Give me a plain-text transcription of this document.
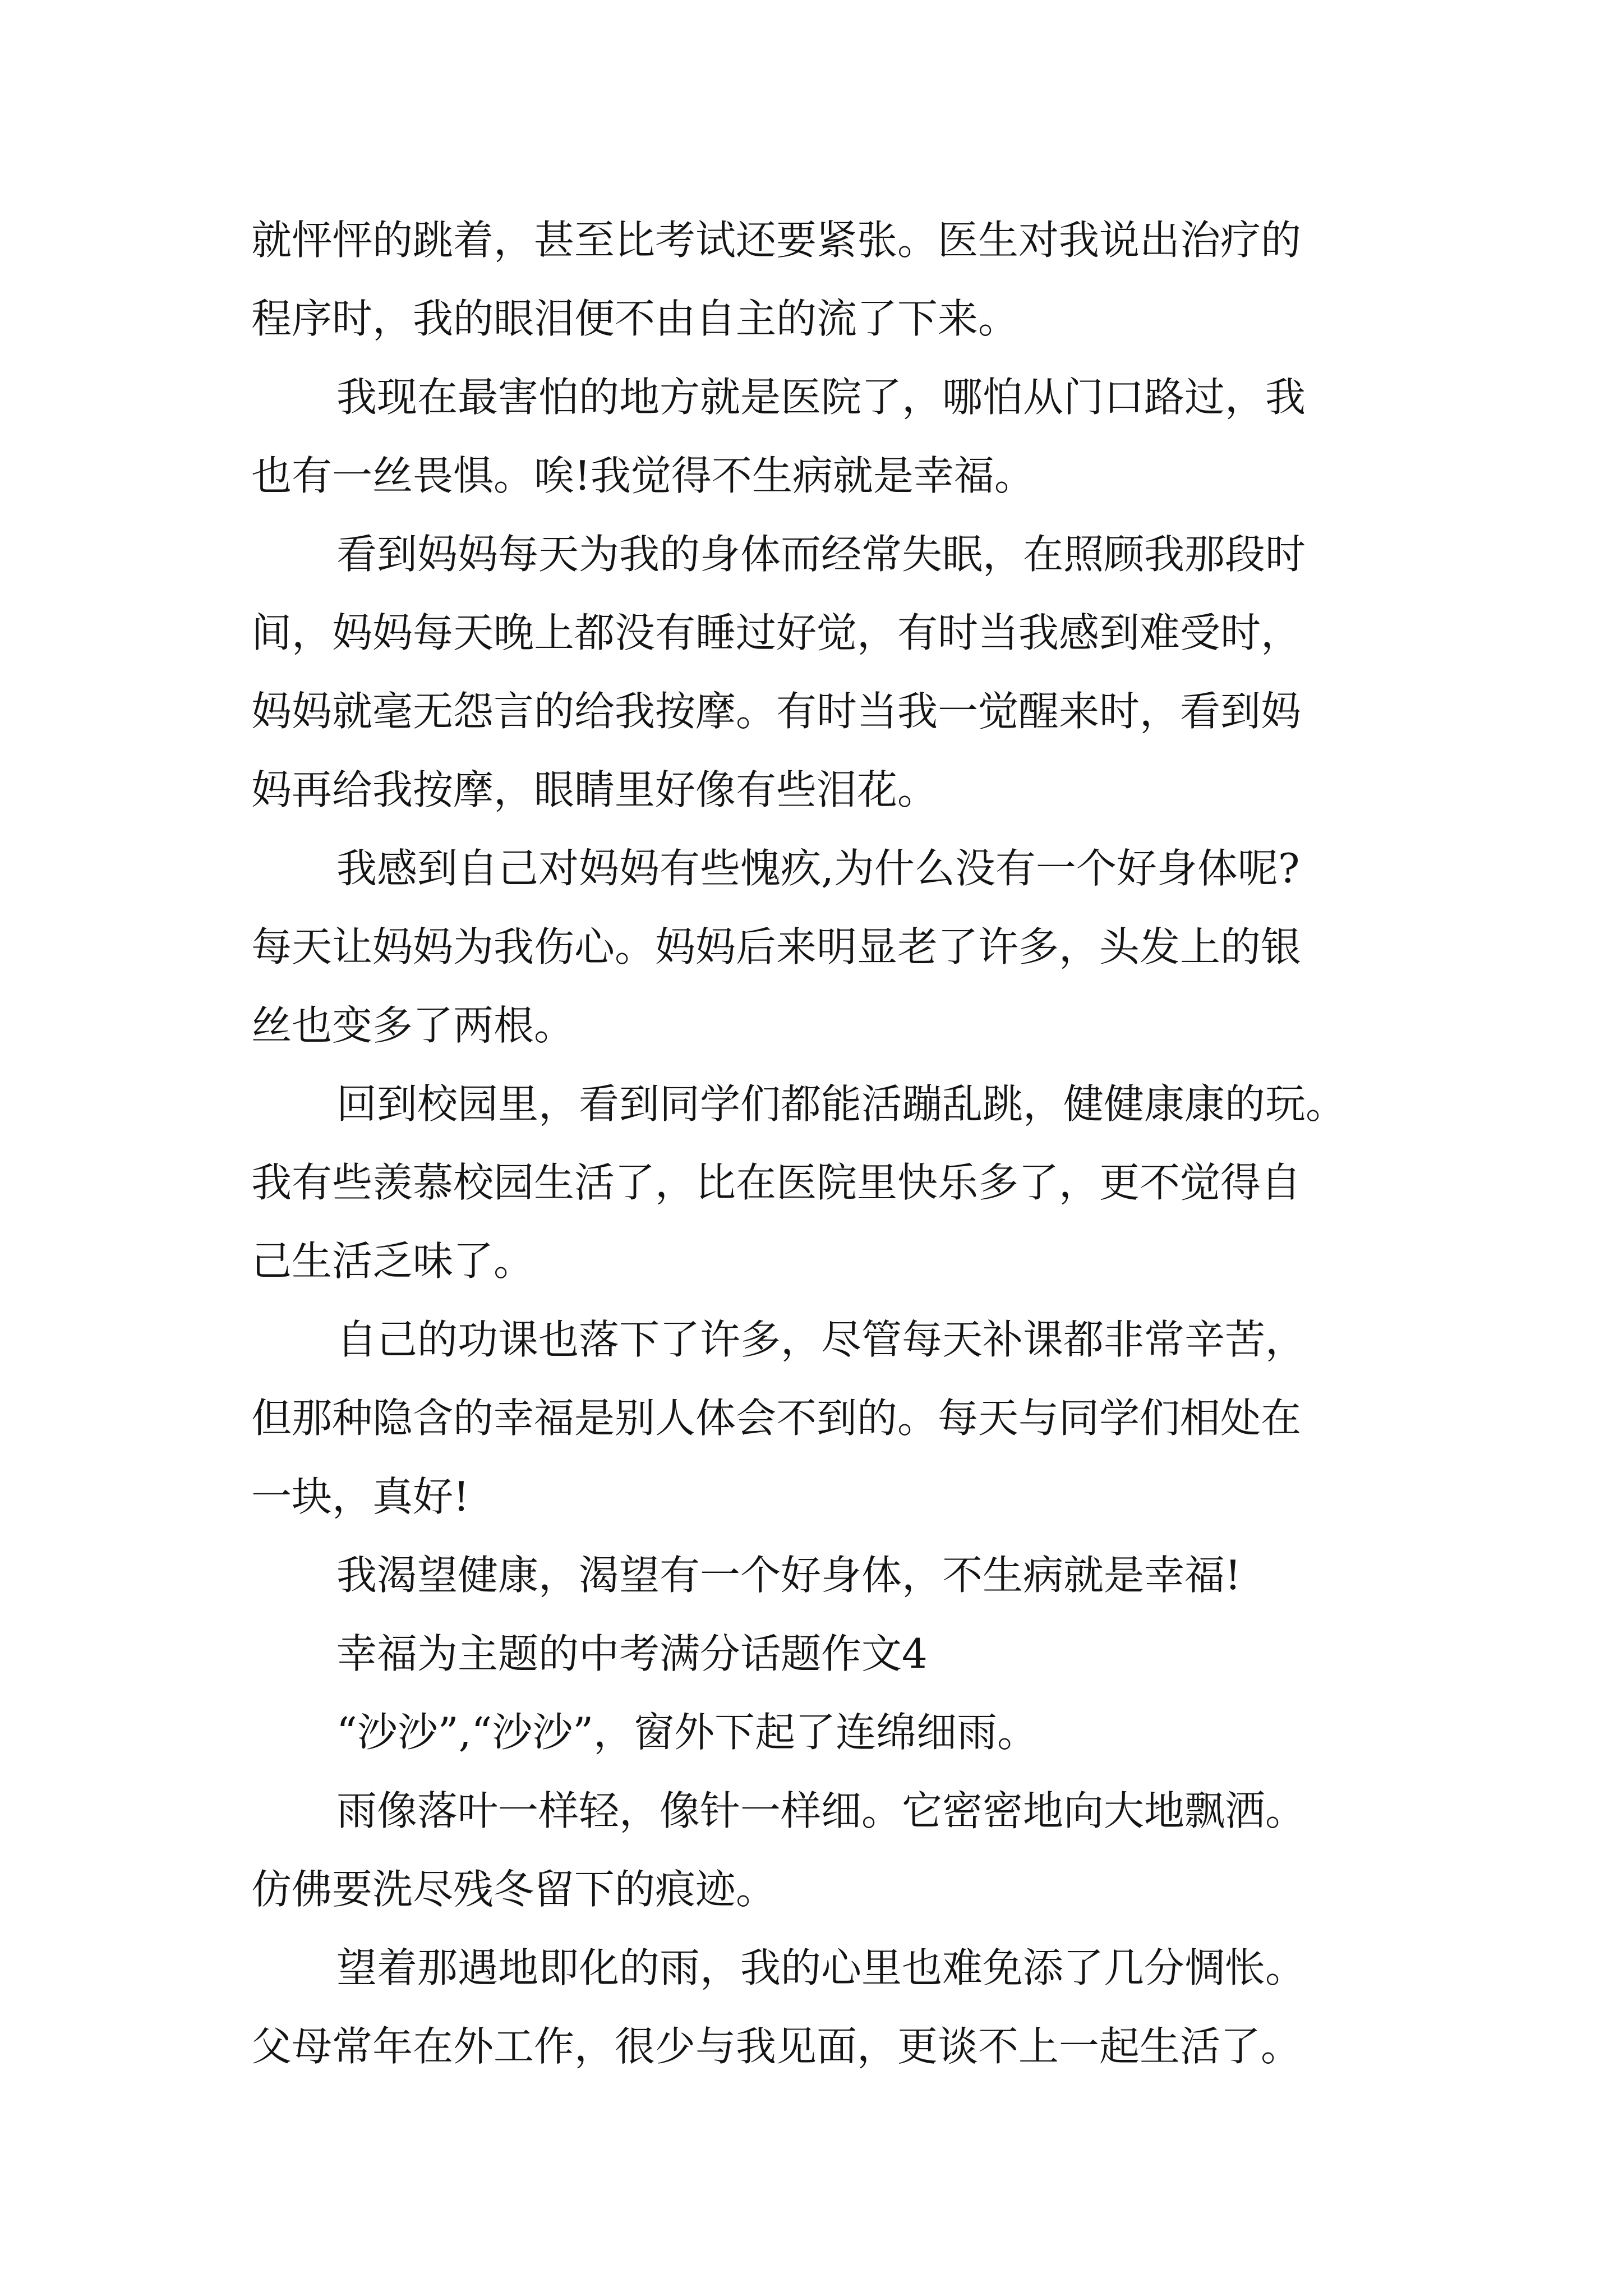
就怦怦的跳着，甚至比考试还要紧张。医生对我说出治疗的

程序时，我的眼泪便不由自主的流了下来。

我现在最害怕的地方就是医院了，哪怕从门口路过，我

也有一丝畏惧。唉!我觉得不生病就是幸福。

看到妈妈每天为我的身体而经常失眠，在照顾我那段时

间，妈妈每天晚上都没有睡过好觉，有时当我感到难受时，

妈妈就毫无怨言的给我按摩。有时当我一觉醒来时，看到妈

妈再给我按摩，眼睛里好像有些泪花。

我感到自己对妈妈有些愧疚,为什么没有一个好身体呢?

每天让妈妈为我伤心。妈妈后来明显老了许多，头发上的银

丝也变多了两根。

回到校园里，看到同学们都能活蹦乱跳，健健康康的玩。

我有些羡慕校园生活了，比在医院里快乐多了，更不觉得自

己生活乏味了。

自己的功课也落下了许多，尽管每天补课都非常辛苦，

但那种隐含的幸福是别人体会不到的。每天与同学们相处在

一块，真好!

我渴望健康，渴望有一个好身体，不生病就是幸福!

幸福为主题的中考满分话题作文4

“沙沙”,“沙沙”，窗外下起了连绵细雨。

雨像落叶一样轻，像针一样细。它密密地向大地飘洒。

仿佛要洗尽残冬留下的痕迹。

望着那遇地即化的雨，我的心里也难免添了几分惆怅。

父母常年在外工作，很少与我见面，更谈不上一起生活了。
